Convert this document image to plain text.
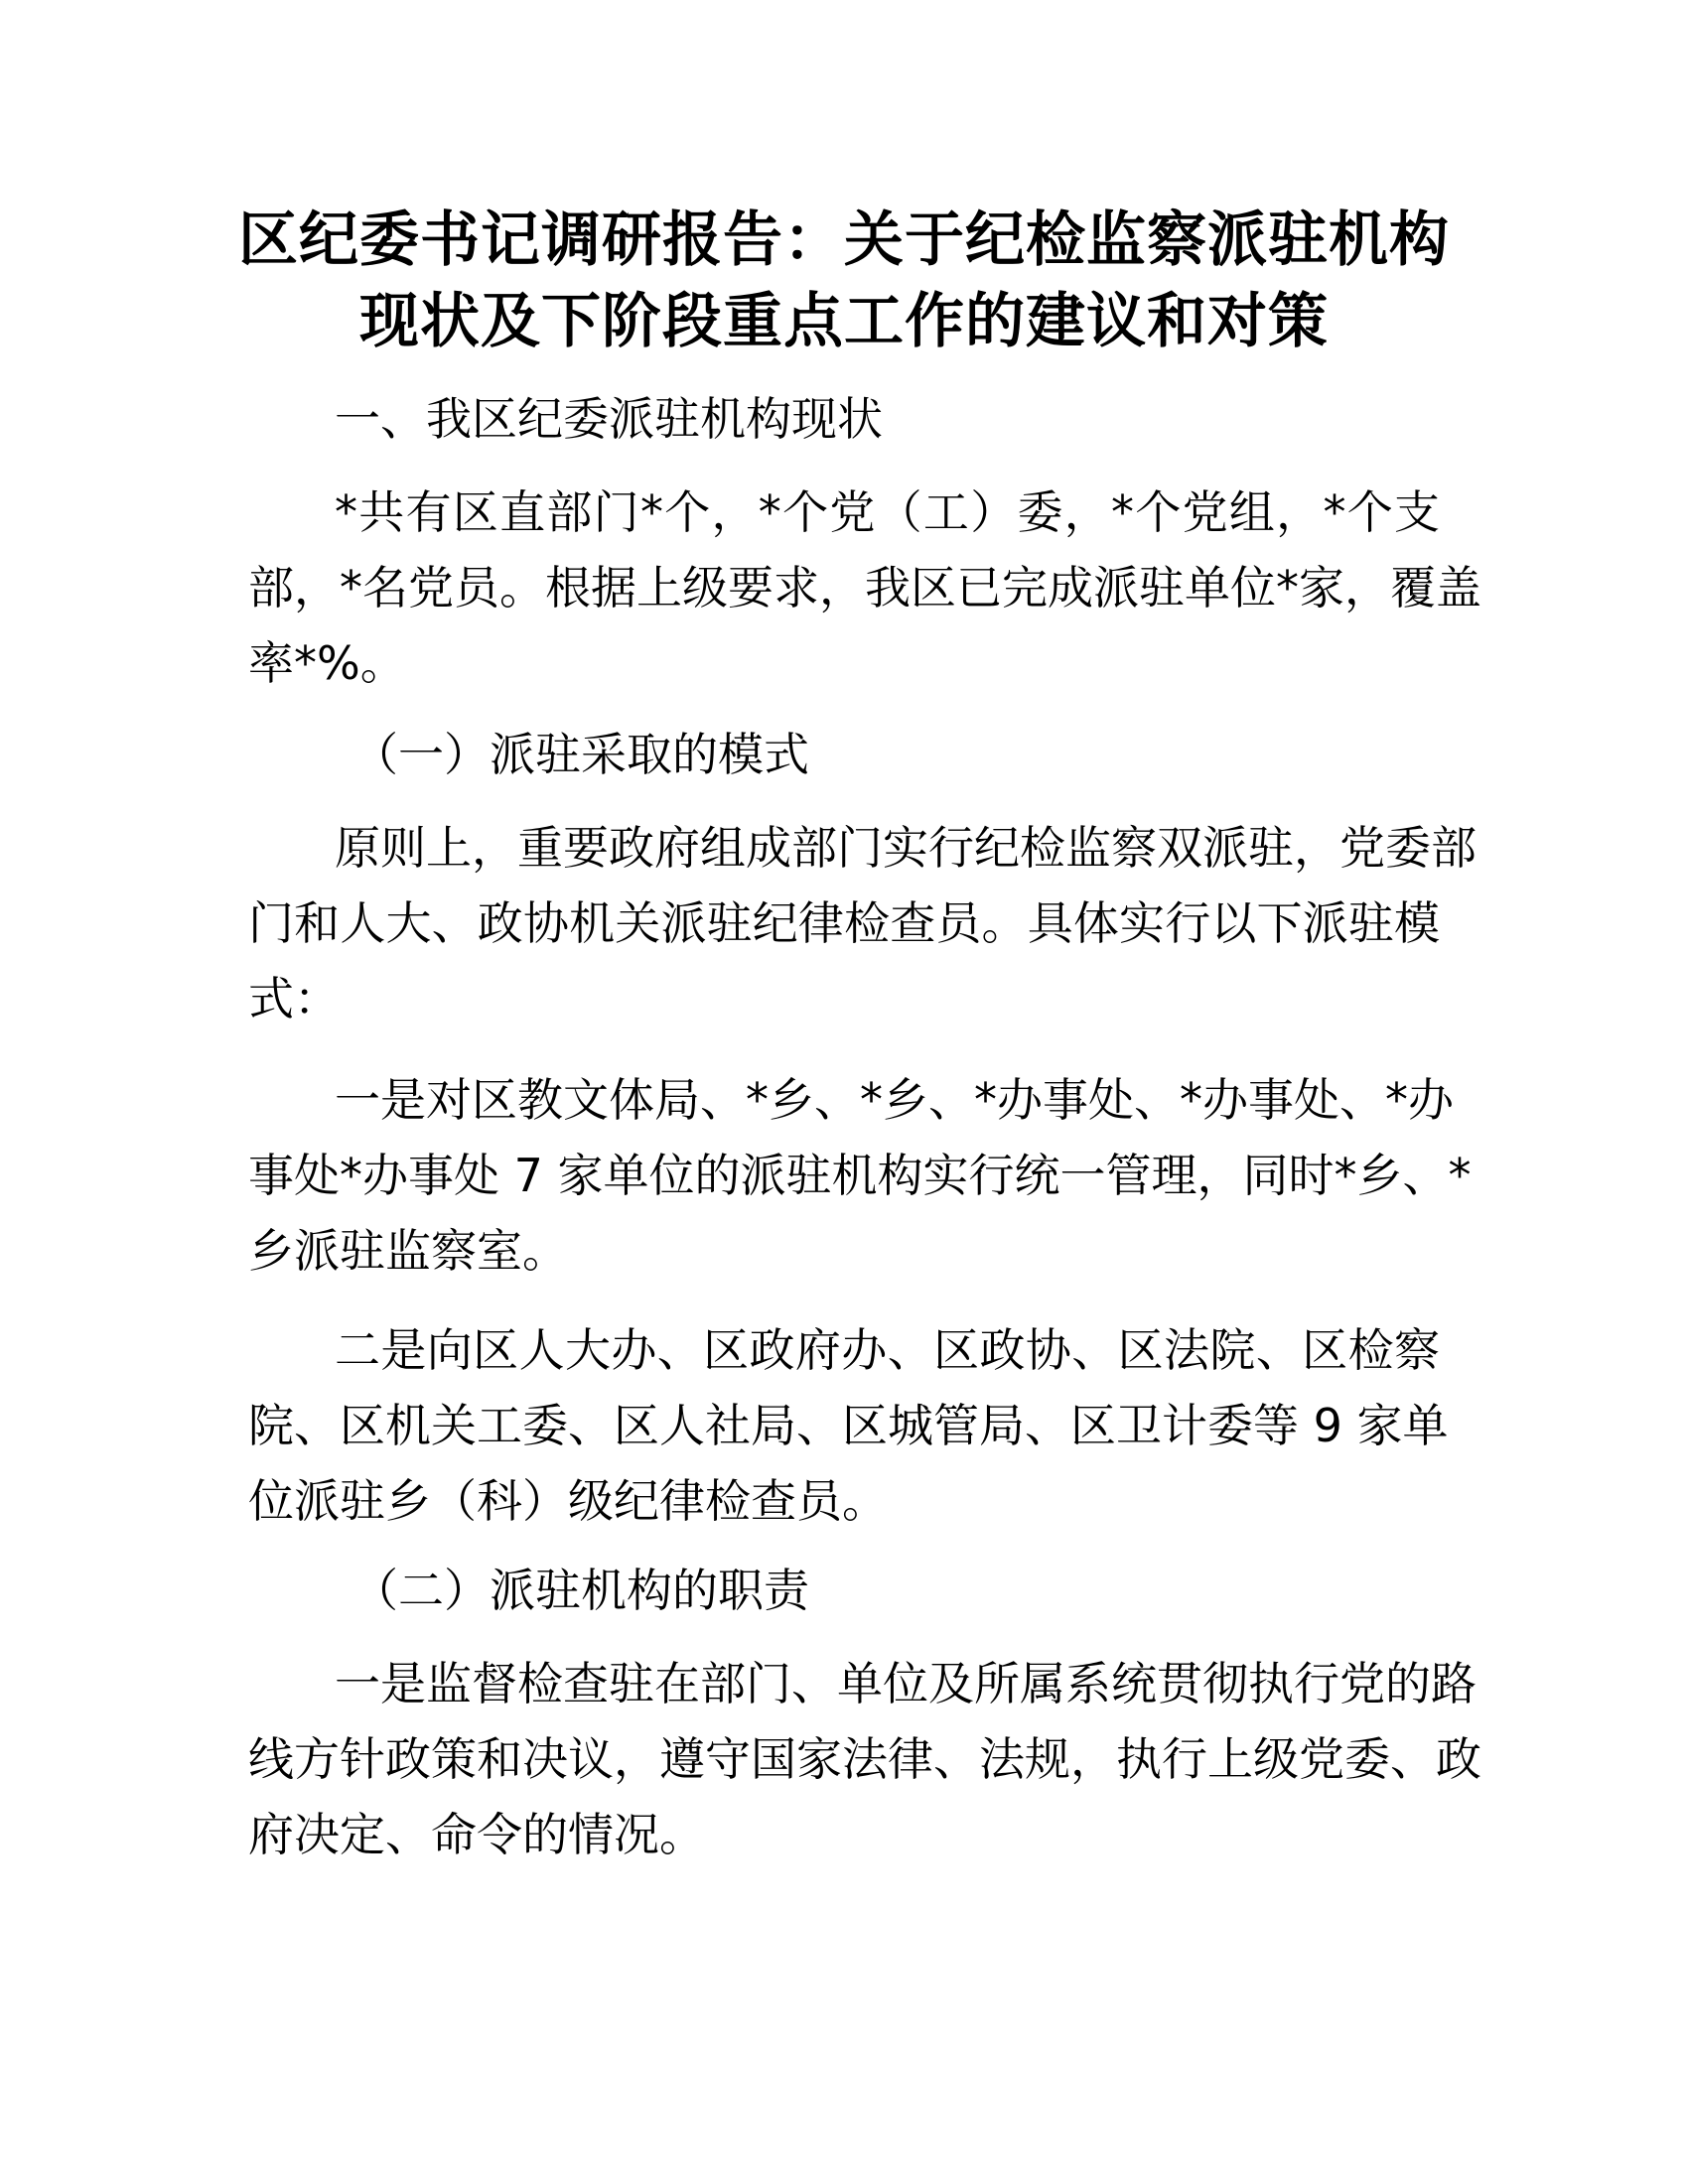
区纪委书记调研报告：关于纪检监察派驻机构
现状及下阶段重点工作的建议和对策
一、我区纪委派驻机构现状
*共有区直部门*个，*个党（工）委，*个党组，*个支
部，*名党员。根据上级要求，我区已完成派驻单位*家，覆盖
率*%。
（一）派驻采取的模式
原则上，重要政府组成部门实行纪检监察双派驻，党委部
门和人大、政协机关派驻纪律检查员。具体实行以下派驻模
式：
一是对区教文体局、*乡、*乡、*办事处、*办事处、*办
事处*办事处 7 家单位的派驻机构实行统一管理，同时*乡、*
乡派驻监察室。
二是向区人大办、区政府办、区政协、区法院、区检察
院、区机关工委、区人社局、区城管局、区卫计委等 9 家单
位派驻乡（科）级纪律检查员。
（二）派驻机构的职责
一是监督检查驻在部门、单位及所属系统贯彻执行党的路
线方针政策和决议，遵守国家法律、法规，执行上级党委、政
府决定、命令的情况。
